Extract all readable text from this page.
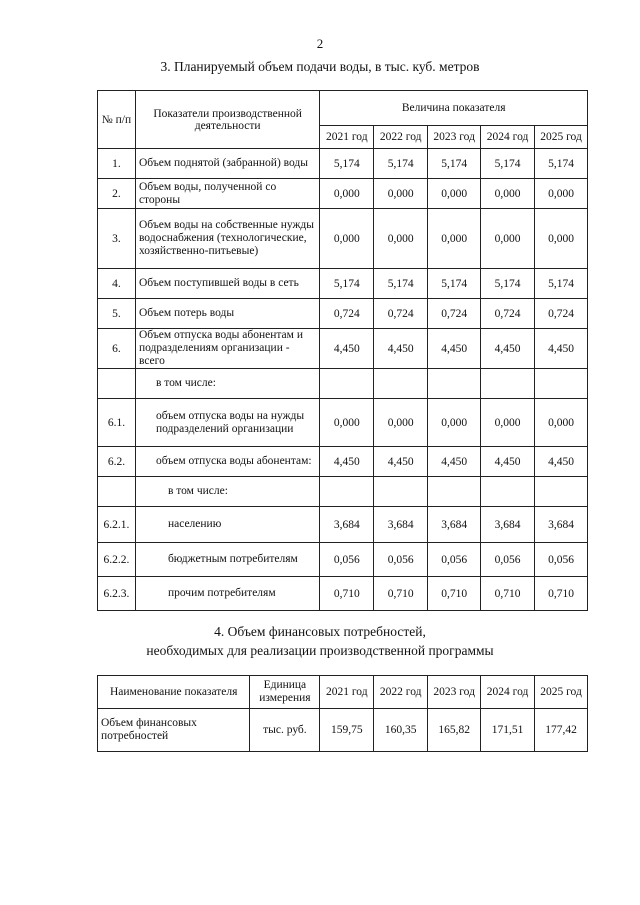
2
3. Планируемый объем подачи воды, в тыс. куб. метров
№ п/п	Показатели производственной деятельности	Величина показателя				
		2021 год	2022 год	2023 год	2024 год	2025 год
1.	Объем поднятой (забранной) воды	5,174	5,174	5,174	5,174	5,174
2.	Объем воды, полученной со стороны	0,000	0,000	0,000	0,000	0,000
3.	Объем воды на собственные нужды водоснабжения (технологические, хозяйственно-питьевые)	0,000	0,000	0,000	0,000	0,000
4.	Объем поступившей воды в сеть	5,174	5,174	5,174	5,174	5,174
5.	Объем потерь воды	0,724	0,724	0,724	0,724	0,724
6.	Объем отпуска воды абонентам и подразделениям организации - всего	4,450	4,450	4,450	4,450	4,450
	в том числе:					
6.1.	объем отпуска воды на нужды подразделений организации	0,000	0,000	0,000	0,000	0,000
6.2.	объем отпуска воды абонентам:	4,450	4,450	4,450	4,450	4,450
	в том числе:					
6.2.1.	населению	3,684	3,684	3,684	3,684	3,684
6.2.2.	бюджетным потребителям	0,056	0,056	0,056	0,056	0,056
6.2.3.	прочим потребителям	0,710	0,710	0,710	0,710	0,710
4. Объем финансовых потребностей,
необходимых для реализации производственной программы
Наименование показателя	Единица измерения	2021 год	2022 год	2023 год	2024 год	2025 год
Объем финансовых потребностей	тыс. руб.	159,75	160,35	165,82	171,51	177,42
